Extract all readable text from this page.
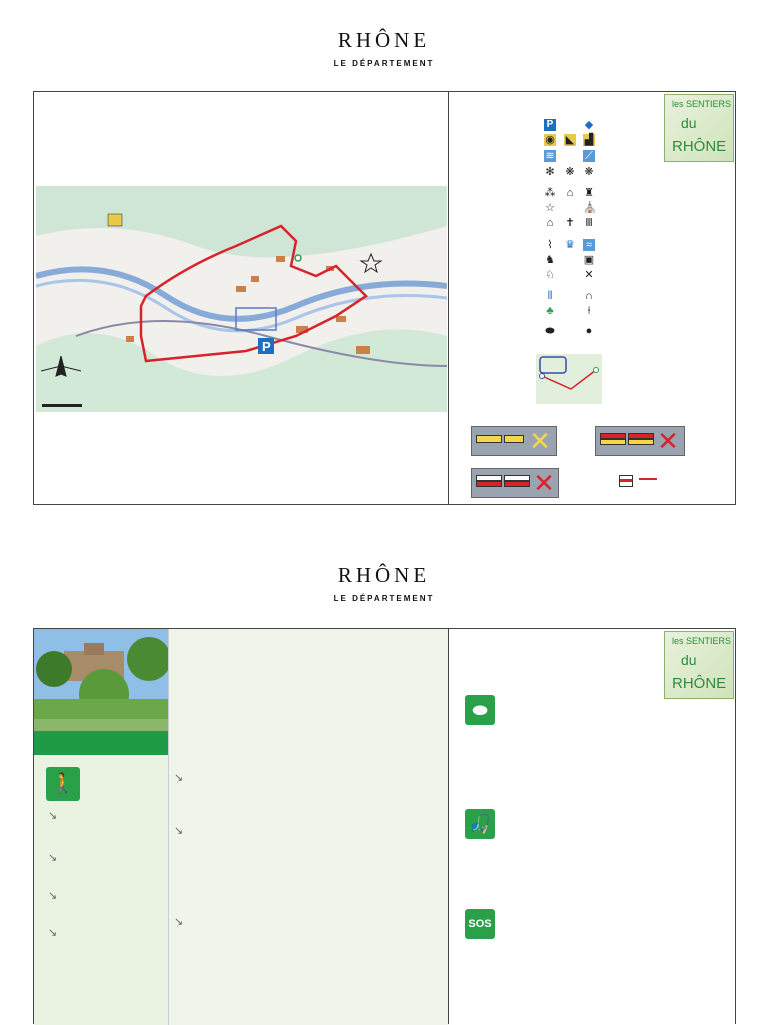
RHÔNE
LE DÉPARTEMENT
P
les SENTIERS
du
RHÔNE
P	◆
◉ ◣ ▟
≋	⟋
✻ ❋ ❋
⁂ ⌂ ♜
☆	⛪
⌂ ✝ Ⅲ
⌇	♛ ≈
♞	▣
♘	✕
⦀	∩
♣	⍿
⬬	●
✕	✕
✕
RHÔNE
LE DÉPARTEMENT
🚶
↘
↘
↘
↘
↘
↘
↘
les SENTIERS
du
RHÔNE
⬬
🎣
SOS
